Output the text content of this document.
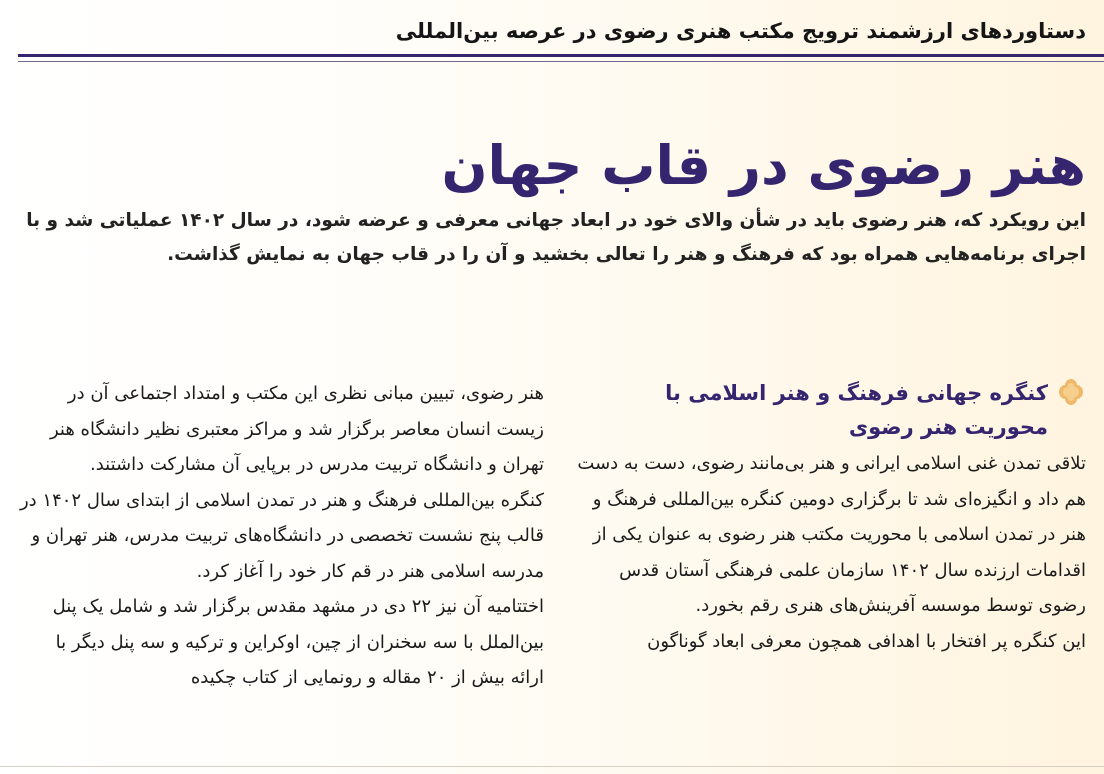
دستاوردهای ارزشمند ترویج مکتب هنری رضوی در عرصه بین‌المللی
هنر رضوی در قاب جهان
این رویکرد که، هنر رضوی باید در شأن والای خود در ابعاد جهانی معرفی و عرضه شود، در سال ۱۴۰۲ عملیاتی شد و با اجرای برنامه‌هایی همراه بود که فرهنگ و هنر را تعالی بخشید و آن را در قاب جهان به نمایش گذاشت.
کنگره جهانی فرهنگ و هنر اسلامی با محوریت هنر رضوی

تلاقی تمدن غنی اسلامی ایرانی و هنر بی‌مانند رضوی، دست به دست هم داد و انگیزه‌ای شد تا برگزاری دومین کنگره بین‌المللی فرهنگ و هنر در تمدن اسلامی با محوریت مکتب هنر رضوی به عنوان یکی از اقدامات ارزنده سال ۱۴۰۲ سازمان علمی فرهنگی آستان قدس رضوی توسط موسسه آفرینش‌های هنری رقم بخورد.

این کنگره پر افتخار با اهدافی همچون معرفی ابعاد گوناگون

هنر رضوی، تبیین مبانی نظری این مکتب و امتداد اجتماعی آن در زیست انسان معاصر برگزار شد و مراکز معتبری نظیر دانشگاه هنر تهران و دانشگاه تربیت مدرس در برپایی آن مشارکت داشتند.

کنگره بین‌المللی فرهنگ و هنر در تمدن اسلامی از ابتدای سال ۱۴۰۲ در قالب پنج نشست تخصصی در دانشگاه‌های تربیت مدرس، هنر تهران و مدرسه اسلامی هنر در قم کار خود را آغاز کرد.

اختتامیه آن نیز ۲۲ دی در مشهد مقدس برگزار شد و شامل یک پنل بین‌الملل با سه سخنران از چین، اوکراین و ترکیه و سه پنل دیگر با ارائه بیش از ۲۰ مقاله و رونمایی از کتاب چکیده
